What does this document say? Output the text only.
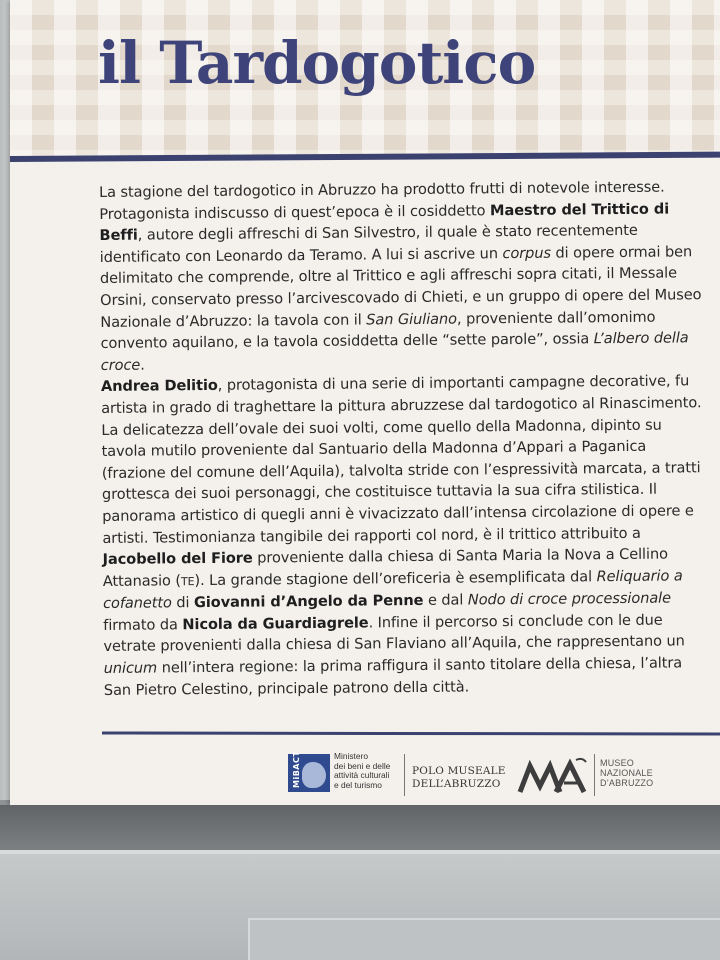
il Tardogotico

La stagione del tardogotico in Abruzzo ha prodotto frutti di notevole interesse. Protagonista indiscusso di quest’epoca è il cosiddetto Maestro del Trittico di Beffi, autore degli affreschi di San Silvestro, il quale è stato recentemente identificato con Leonardo da Teramo. A lui si ascrive un corpus di opere ormai ben delimitato che comprende, oltre al Trittico e agli affreschi sopra citati, il Messale Orsini, conservato presso l’arcivescovado di Chieti, e un gruppo di opere del Museo Nazionale d’Abruzzo: la tavola con il San Giuliano, proveniente dall’omonimo convento aquilano, e la tavola cosiddetta delle “sette parole”, ossia L’albero della croce.

Andrea Delitio, protagonista di una serie di importanti campagne decorative, fu artista in grado di traghettare la pittura abruzzese dal tardogotico al Rinascimento. La delicatezza dell’ovale dei suoi volti, come quello della Madonna, dipinto su tavola mutilo proveniente dal Santuario della Madonna d’Appari a Paganica (frazione del comune dell’Aquila), talvolta stride con l’espressività marcata, a tratti grottesca dei suoi personaggi, che costituisce tuttavia la sua cifra stilistica. Il panorama artistico di quegli anni è vivacizzato dall’intensa circolazione di opere e artisti. Testimonianza tangibile dei rapporti col nord, è il trittico attribuito a Jacobello del Fiore proveniente dalla chiesa di Santa Maria la Nova a Cellino Attanasio (TE). La grande stagione dell’oreficeria è esemplificata dal Reliquario a cofanetto di Giovanni d’Angelo da Penne e dal Nodo di croce processionale firmato da Nicola da Guardiagrele. Infine il percorso si conclude con le due vetrate provenienti dalla chiesa di San Flaviano all’Aquila, che rappresentano un unicum nell’intera regione: la prima raffigura il santo titolare della chiesa, l’altra San Pietro Celestino, principale patrono della città.

MiBACT	Ministero
dei beni e delle
attività culturali
e del turismo
POLO MUSEALE
DELL’ABRUZZO
MuNA	MUSEO
NAZIONALE
D’ABRUZZO
